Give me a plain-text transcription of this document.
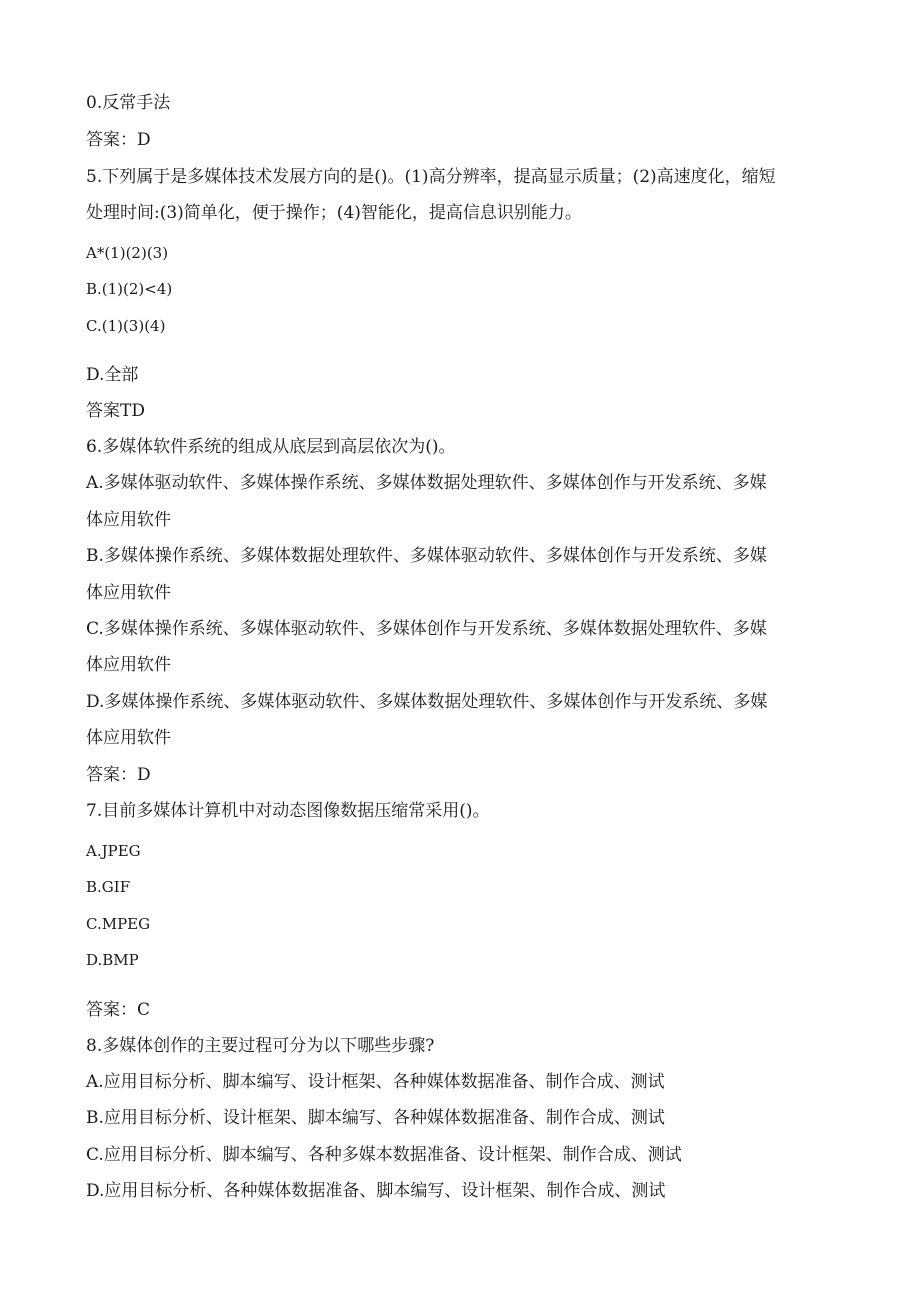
0.反常手法
答案：D
5.下列属于是多媒体技术发展方向的是()。(1)高分辨率，提高显示质量；(2)高速度化，缩短
处理时间:(3)简单化，便于操作；(4)智能化，提高信息识别能力。
A*(1)(2)(3)
B.(1)(2)<4)
C.(1)(3)(4)
D.全部
答案TD
6.多媒体软件系统的组成从底层到高层依次为()。
A.多媒体驱动软件、多媒体操作系统、多媒体数据处理软件、多媒体创作与开发系统、多媒
体应用软件
B.多媒体操作系统、多媒体数据处理软件、多媒体驱动软件、多媒体创作与开发系统、多媒
体应用软件
C.多媒体操作系统、多媒体驱动软件、多媒体创作与开发系统、多媒体数据处理软件、多媒
体应用软件
D.多媒体操作系统、多媒体驱动软件、多媒体数据处理软件、多媒体创作与开发系统、多媒
体应用软件
答案：D
7.目前多媒体计算机中对动态图像数据压缩常采用()。
A.JPEG
B.GIF
C.MPEG
D.BMP
答案：C
8.多媒体创作的主要过程可分为以下哪些步骤?
A.应用目标分析、脚本编写、设计框架、各种媒体数据准备、制作合成、测试
B.应用目标分析、设计框架、脚本编写、各种媒体数据准备、制作合成、测试
C.应用目标分析、脚本编写、各种多媒本数据准备、设计框架、制作合成、测试
D.应用目标分析、各种媒体数据准备、脚本编写、设计框架、制作合成、测试
